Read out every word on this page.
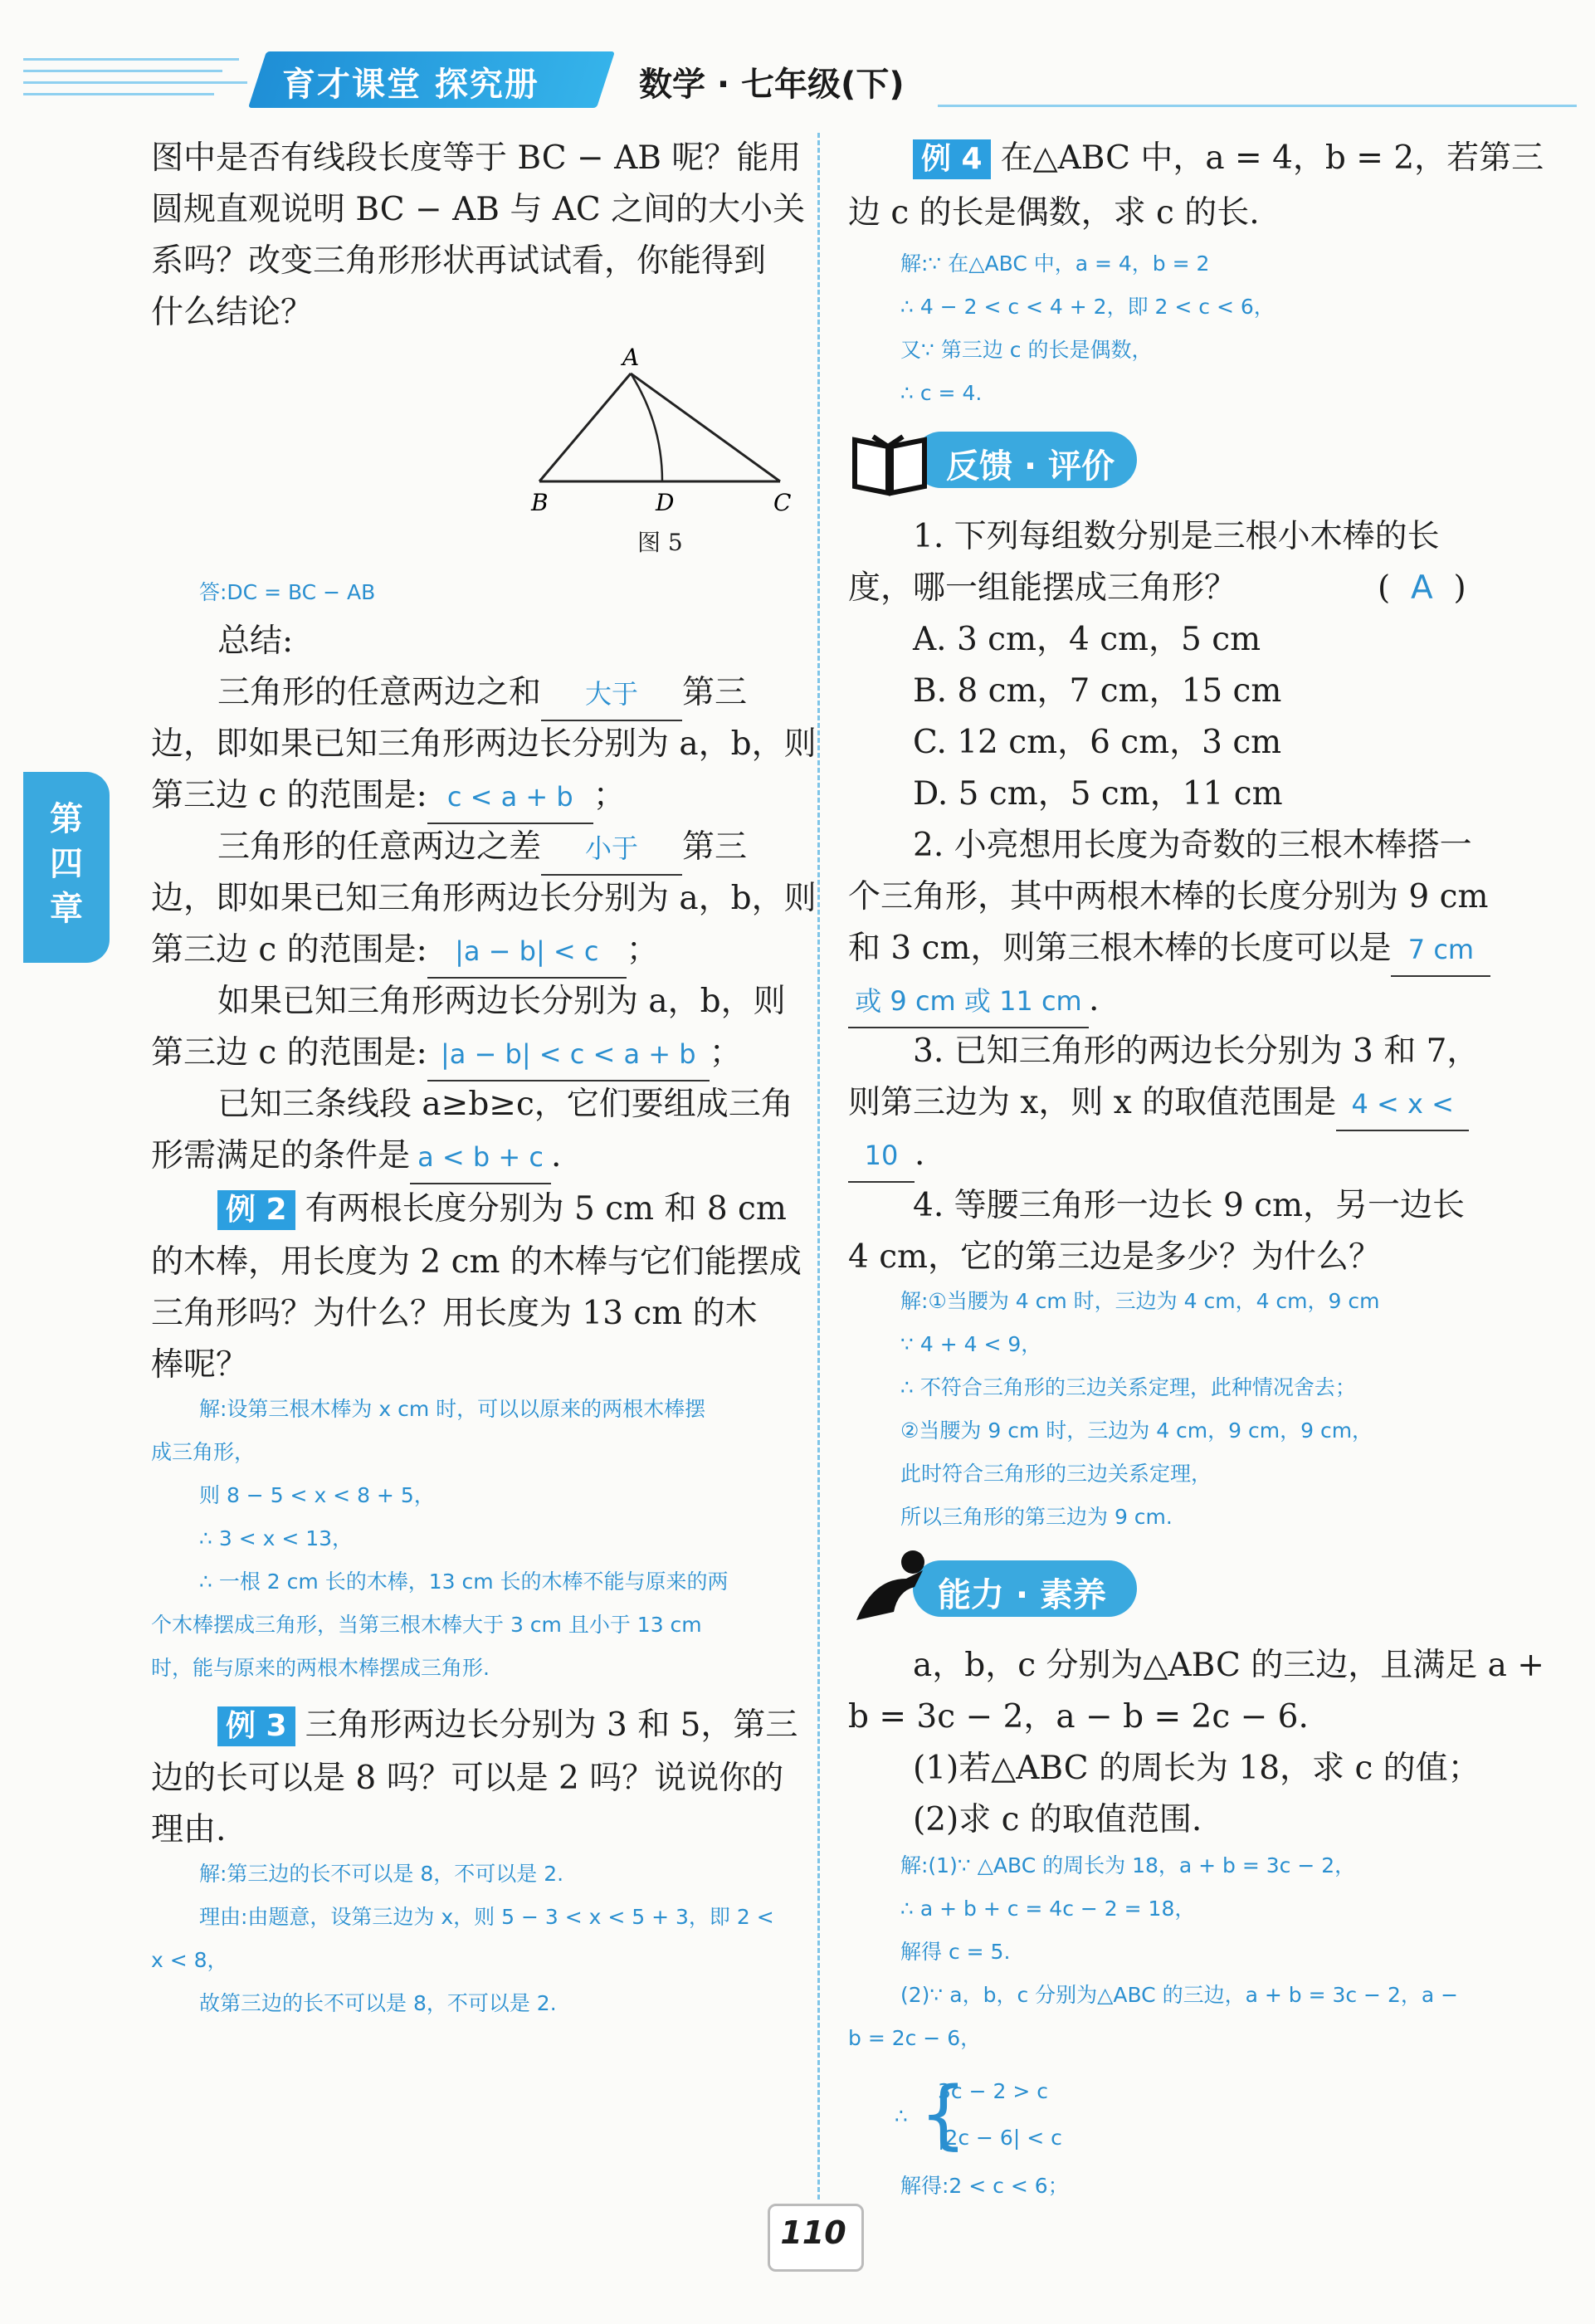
育才课堂 探究册	数学 · 七年级(下)
第四章
图中是否有线段长度等于 BC − AB 呢？能用
圆规直观说明 BC − AB 与 AC 之间的大小关
系吗？改变三角形形状再试试看，你能得到
什么结论？
A
B	D	C
图 5
答:DC = BC − AB
总结:
三角形的任意两边之和 大于 第三
边，即如果已知三角形两边长分别为 a，b，则
第三边 c 的范围是: c < a + b ；
三角形的任意两边之差 小于 第三
边，即如果已知三角形两边长分别为 a，b，则
第三边 c 的范围是: |a − b| < c ；
如果已知三角形两边长分别为 a，b，则
第三边 c 的范围是: |a − b| < c < a + b ；
已知三条线段 a≥b≥c，它们要组成三角
形需满足的条件是 a < b + c .
例 2 有两根长度分别为 5 cm 和 8 cm
的木棒，用长度为 2 cm 的木棒与它们能摆成
三角形吗？为什么？用长度为 13 cm 的木
棒呢？
解:设第三根木棒为 x cm 时，可以以原来的两根木棒摆
成三角形，
则 8 − 5 < x < 8 + 5，
∴ 3 < x < 13，
∴ 一根 2 cm 长的木棒，13 cm 长的木棒不能与原来的两
个木棒摆成三角形，当第三根木棒大于 3 cm 且小于 13 cm
时，能与原来的两根木棒摆成三角形.
例 3 三角形两边长分别为 3 和 5，第三
边的长可以是 8 吗？可以是 2 吗？说说你的
理由.
解:第三边的长不可以是 8，不可以是 2.
理由:由题意，设第三边为 x，则 5 − 3 < x < 5 + 3，即 2 <
x < 8，
故第三边的长不可以是 8，不可以是 2.
例 4 在△ABC 中，a = 4，b = 2，若第三
边 c 的长是偶数，求 c 的长.
解:∵ 在△ABC 中，a = 4，b = 2
∴ 4 − 2 < c < 4 + 2，即 2 < c < 6，
又∵ 第三边 c 的长是偶数，
∴ c = 4.
反馈 · 评价
1. 下列每组数分别是三根小木棒的长
度，哪一组能摆成三角形？	(  A  )
A. 3 cm，4 cm，5 cm
B. 8 cm，7 cm，15 cm
C. 12 cm，6 cm，3 cm
D. 5 cm，5 cm，11 cm
2. 小亮想用长度为奇数的三根木棒搭一
个三角形，其中两根木棒的长度分别为 9 cm
和 3 cm，则第三根木棒的长度可以是 7 cm
或 9 cm 或 11 cm .
3. 已知三角形的两边长分别为 3 和 7，
则第三边为 x，则 x 的取值范围是 4 < x <
10 .
4. 等腰三角形一边长 9 cm，另一边长
4 cm，它的第三边是多少？为什么？
解:①当腰为 4 cm 时，三边为 4 cm，4 cm，9 cm
∵ 4 + 4 < 9，
∴ 不符合三角形的三边关系定理，此种情况舍去；
②当腰为 9 cm 时，三边为 4 cm，9 cm，9 cm，
此时符合三角形的三边关系定理，
所以三角形的第三边为 9 cm.
能力 · 素养
a，b，c 分别为△ABC 的三边，且满足 a +
b = 3c − 2，a − b = 2c − 6.
(1)若△ABC 的周长为 18，求 c 的值；
(2)求 c 的取值范围.
解:(1)∵ △ABC 的周长为 18，a + b = 3c − 2，
∴ a + b + c = 4c − 2 = 18，
解得 c = 5.
(2)∵ a，b，c 分别为△ABC 的三边，a + b = 3c − 2，a −
b = 2c − 6，
3c − 2 > c
|2c − 6| < c
{
∴
解得:2 < c < 6；
110
